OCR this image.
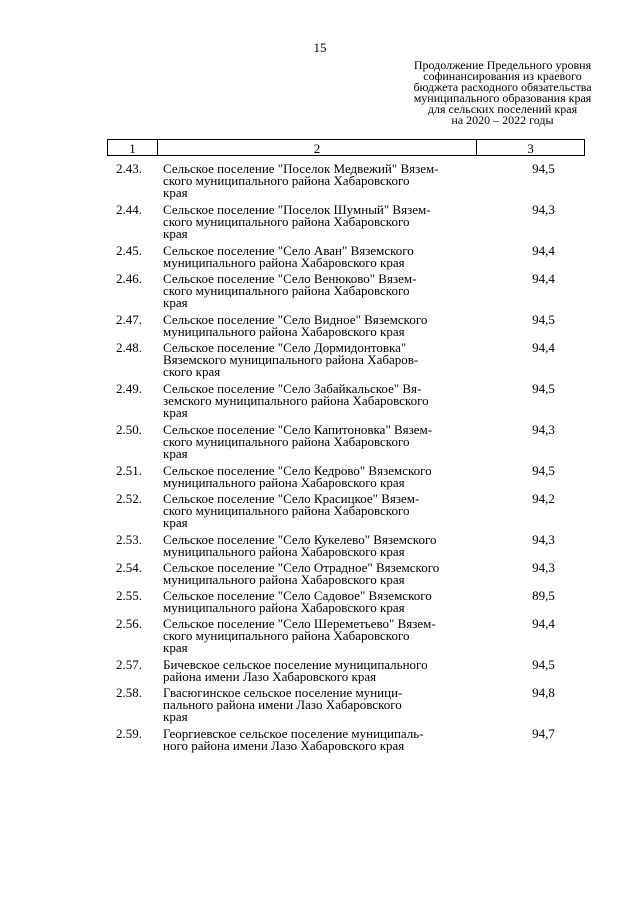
15
Продолжение Предельного уровня
софинансирования из краевого
бюджета расходного обязательства
муниципального образования края
для сельских поселений края
на 2020 – 2022 годы
1	2	3
2.43.	Сельское поселение "Поселок Медвежий" Вязем-
ского муниципального района Хабаровского
края
94,5
2.44.	Сельское поселение "Поселок Шумный" Вязем-
ского муниципального района Хабаровского
края
94,3
2.45.	Сельское поселение "Село Аван" Вяземского
муниципального района Хабаровского края
94,4
2.46.	Сельское поселение "Село Венюково" Вязем-
ского муниципального района Хабаровского
края
94,4
2.47.	Сельское поселение "Село Видное" Вяземского
муниципального района Хабаровского края
94,5
2.48.	Сельское поселение "Село Дормидонтовка"
Вяземского муниципального района Хабаров-
ского края
94,4
2.49.	Сельское поселение "Село Забайкальское" Вя-
земского муниципального района Хабаровского
края
94,5
2.50.	Сельское поселение "Село Капитоновка" Вязем-
ского муниципального района Хабаровского
края
94,3
2.51.	Сельское поселение "Село Кедрово" Вяземского
муниципального района Хабаровского края
94,5
2.52.	Сельское поселение "Село Красицкое" Вязем-
ского муниципального района Хабаровского
края
94,2
2.53.	Сельское поселение "Село Кукелево" Вяземского
муниципального района Хабаровского края
94,3
2.54.	Сельское поселение "Село Отрадное" Вяземского
муниципального района Хабаровского края
94,3
2.55.	Сельское поселение "Село Садовое" Вяземского
муниципального района Хабаровского края
89,5
2.56.	Сельское поселение "Село Шереметьево" Вязем-
ского муниципального района Хабаровского
края
94,4
2.57.	Бичевское сельское поселение муниципального
района имени Лазо Хабаровского края
94,5
2.58.	Гвасюгинское сельское поселение муници-
пального района имени Лазо Хабаровского
края
94,8
2.59.	Георгиевское сельское поселение муниципаль-
ного района имени Лазо Хабаровского края
94,7
